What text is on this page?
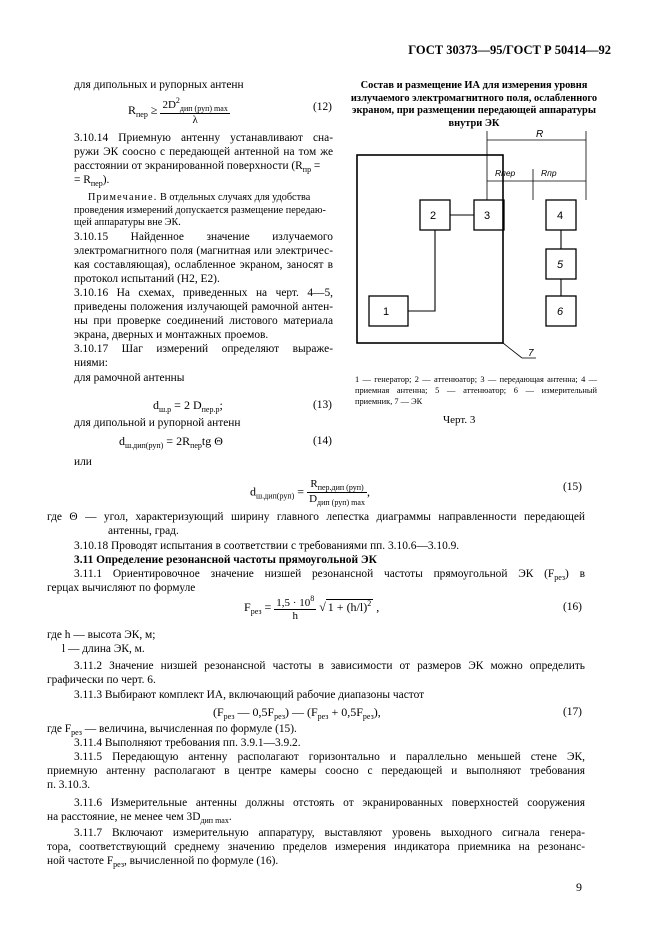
ГОСТ 30373—95/ГОСТ Р 50414—92
для дипольных и рупорных антенн
$R_{пер} \ge \frac{2D^2_{дип (руп) max}}{\lambda}$	(12)
3.10.14 Приемную антенну устанавливают сна-
ружи ЭК соосно с передающей антенной на том же
расстоянии от экранированной поверхности ($R_{пр}$ =
= $R_{пер}$).
Примечание. В отдельных случаях для удобства
проведения измерений допускается размещение передаю-
щей аппаратуры вне ЭК.
3.10.15 Найденное значение излучаемого
электромагнитного поля (магнитная или электричес-
кая составляющая), ослабленное экраном, заносят в
протокол испытаний (H2, E2).
3.10.16 На схемах, приведенных на черт. 4—5,
приведены положения излучающей рамочной антен-
ны при проверке соединений листового материала
экрана, дверных и монтажных проемов.
3.10.17 Шаг измерений определяют выраже-
ниями:
для рамочной антенны
$d_{ш.р} = 2$ $D_{пер.р}$;	(13)
для дипольной и рупорной антенн
$d_{ш.дип(руп)} = 2R_{пер}tg$ Θ	(14)
или
Состав и размещение ИА для измерения уровня излучаемого электромагнитного поля, ослабленного экраном, при размещении передающей аппаратуры внутри ЭК
R
Rпер	Rпр
2	3	4
5
6
1
7
1 — генератор; 2 — аттенюатор; 3 — передающая антенна; 4 — приемная антенна; 5 — аттенюатор; 6 — измерительный приемник, 7 — ЭК
Черт. 3
$d_{ш.дип(руп)} = \frac{R_{пер.дип (руп)}}{D_{дип (руп) max}}$ ,	(15)
где Θ — угол, характеризующий ширину главного лепестка диаграммы направленности передающей
антенны, град.
3.10.18 Проводят испытания в соответствии с требованиями пп. 3.10.6—3.10.9.
3.11 Определение резонансной частоты прямоугольной ЭК
3.11.1 Ориентировочное значение низшей резонансной частоты прямоугольной ЭК $(F_{рез})$ в
герцах вычисляют по формуле
$F_{рез} = \frac{1,5 \cdot 10^8}{h}$ √ $1 + (h/l)^2$ ,	(16)
где h — высота ЭК, м;
l — длина ЭК, м.
3.11.2 Значение низшей резонансной частоты в зависимости от размеров ЭК можно определить
графически по черт. 6.
3.11.3 Выбирают комплект ИА, включающий рабочие диапазоны частот
($F_{рез}$ — $0,5F_{рез}$) — $(F_{рез} + 0,5F_{рез})$,	(17)
где $F_{рез}$ — величина, вычисленная по формуле (15).
3.11.4 Выполняют требования пп. 3.9.1—3.9.2.
3.11.5 Передающую антенну располагают горизонтально и параллельно меньшей стене ЭК,
приемную антенну располагают в центре камеры соосно с передающей и выполняют требования
п. 3.10.3.
3.11.6 Измерительные антенны должны отстоять от экранированных поверхностей сооружения
на расстояние, не менее чем $3D_{дип max}$.
3.11.7 Включают измерительную аппаратуру, выставляют уровень выходного сигнала генера-
тора, соответствующий среднему значению пределов измерения индикатора приемника на резонанс-
ной частоте $F_{рез}$, вычисленной по формуле (16).
9
